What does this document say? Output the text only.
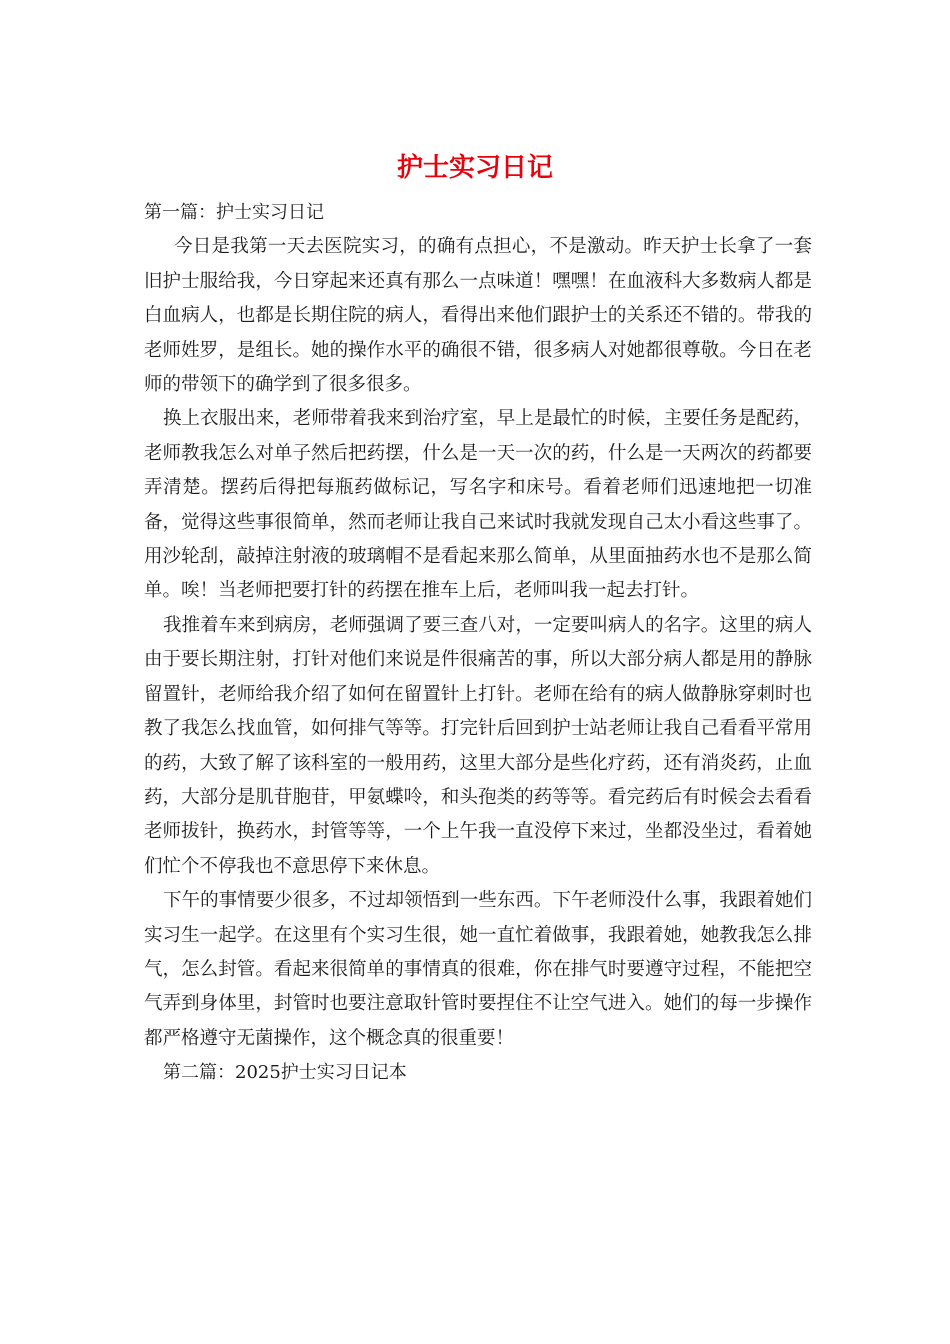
护士实习日记
第一篇：护士实习日记

今日是我第一天去医院实习，的确有点担心，不是激动。昨天护士长拿了一套旧护士服给我，今日穿起来还真有那么一点味道！嘿嘿！在血液科大多数病人都是白血病人，也都是长期住院的病人，看得出来他们跟护士的关系还不错的。带我的老师姓罗，是组长。她的操作水平的确很不错，很多病人对她都很尊敬。今日在老师的带领下的确学到了很多很多。

换上衣服出来，老师带着我来到治疗室，早上是最忙的时候，主要任务是配药，老师教我怎么对单子然后把药摆，什么是一天一次的药，什么是一天两次的药都要弄清楚。摆药后得把每瓶药做标记，写名字和床号。看着老师们迅速地把一切准备，觉得这些事很简单，然而老师让我自己来试时我就发现自己太小看这些事了。用沙轮刮，敲掉注射液的玻璃帽不是看起来那么简单，从里面抽药水也不是那么简单。唉！当老师把要打针的药摆在推车上后，老师叫我一起去打针。

我推着车来到病房，老师强调了要三查八对，一定要叫病人的名字。这里的病人由于要长期注射，打针对他们来说是件很痛苦的事，所以大部分病人都是用的静脉留置针，老师给我介绍了如何在留置针上打针。老师在给有的病人做静脉穿刺时也教了我怎么找血管，如何排气等等。打完针后回到护士站老师让我自己看看平常用的药，大致了解了该科室的一般用药，这里大部分是些化疗药，还有消炎药，止血药，大部分是肌苷胞苷，甲氨蝶呤，和头孢类的药等等。看完药后有时候会去看看老师拔针，换药水，封管等等，一个上午我一直没停下来过，坐都没坐过，看着她们忙个不停我也不意思停下来休息。

下午的事情要少很多，不过却领悟到一些东西。下午老师没什么事，我跟着她们实习生一起学。在这里有个实习生很，她一直忙着做事，我跟着她，她教我怎么排气，怎么封管。看起来很简单的事情真的很难，你在排气时要遵守过程，不能把空气弄到身体里，封管时也要注意取针管时要捏住不让空气进入。她们的每一步操作都严格遵守无菌操作，这个概念真的很重要！

第二篇：2025护士实习日记本
